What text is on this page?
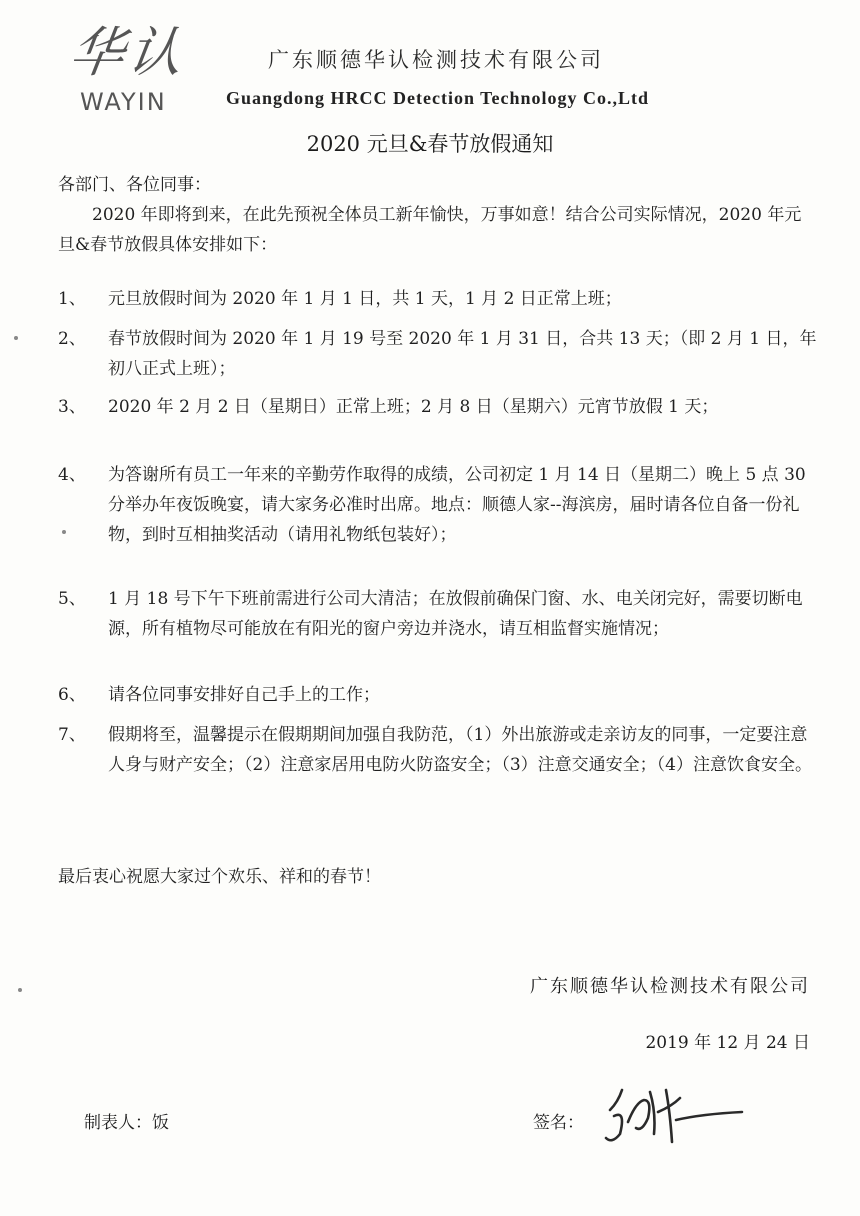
华认
WAYIN
广东顺德华认检测技术有限公司
Guangdong HRCC Detection Technology Co.,Ltd
2020 元旦&春节放假通知
各部门、各位同事：
2020 年即将到来，在此先预祝全体员工新年愉快，万事如意！结合公司实际情况，2020 年元旦&春节放假具体安排如下：
1、	元旦放假时间为 2020 年 1 月 1 日，共 1 天，1 月 2 日正常上班；
2、	春节放假时间为 2020 年 1 月 19 号至 2020 年 1 月 31 日，合共 13 天；（即 2 月 1 日，年初八正式上班）；
3、	2020 年 2 月 2 日（星期日）正常上班；2 月 8 日（星期六）元宵节放假 1 天；
4、	为答谢所有员工一年来的辛勤劳作取得的成绩，公司初定 1 月 14 日（星期二）晚上 5 点 30 分举办年夜饭晚宴，请大家务必准时出席。地点：顺德人家--海滨房，届时请各位自备一份礼物，到时互相抽奖活动（请用礼物纸包装好）；
5、	1 月 18 号下午下班前需进行公司大清洁；在放假前确保门窗、水、电关闭完好，需要切断电源，所有植物尽可能放在有阳光的窗户旁边并浇水，请互相监督实施情况；
6、	请各位同事安排好自己手上的工作；
7、	假期将至，温馨提示在假期期间加强自我防范，（1）外出旅游或走亲访友的同事，一定要注意人身与财产安全；（2）注意家居用电防火防盗安全；（3）注意交通安全；（4）注意饮食安全。
最后衷心祝愿大家过个欢乐、祥和的春节！
广东顺德华认检测技术有限公司
2019 年 12 月 24 日
制表人：饭	签名：
